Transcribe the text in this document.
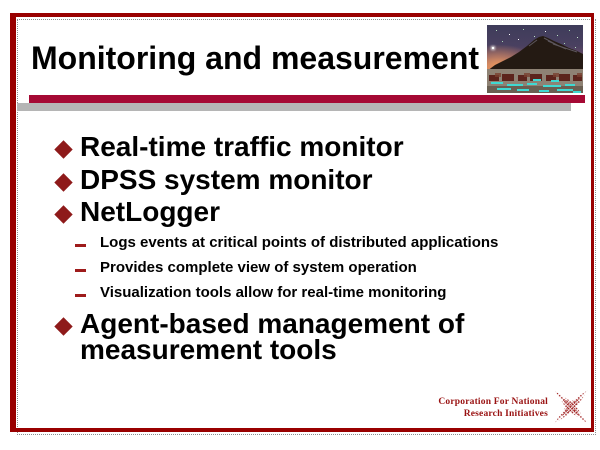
Monitoring and measurement
Real-time traffic monitor
DPSS system monitor
NetLogger
Logs events at critical points of distributed applications
Provides complete view of system operation
Visualization tools allow for real-time monitoring
Agent-based management of measurement tools
Corporation For National
Research Initiatives
